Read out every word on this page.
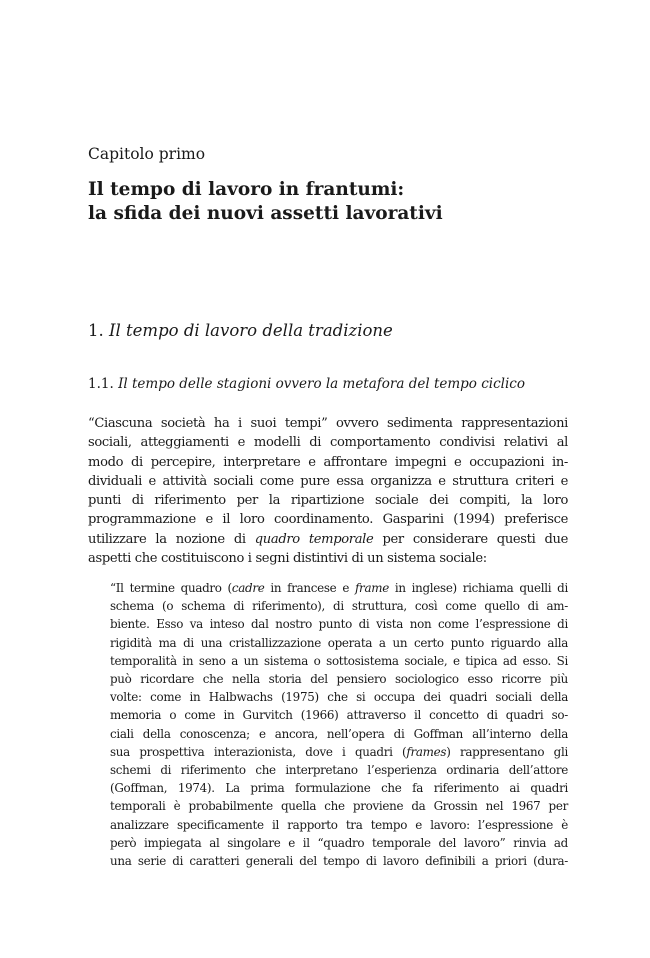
Capitolo primo
Il tempo di lavoro in frantumi:
la sfida dei nuovi assetti lavorativi
1. Il tempo di lavoro della tradizione
1.1. Il tempo delle stagioni ovvero la metafora del tempo ciclico
“Ciascuna società ha i suoi tempi” ovvero sedimenta rappresentazioni
sociali, atteggiamenti e modelli di comportamento condivisi relativi al
modo di percepire, interpretare e affrontare impegni e occupazioni in-
dividuali e attività sociali come pure essa organizza e struttura criteri e
punti di riferimento per la ripartizione sociale dei compiti, la loro
programmazione e il loro coordinamento. Gasparini (1994) preferisce
utilizzare la nozione di quadro temporale per considerare questi due
aspetti che costituiscono i segni distintivi di un sistema sociale:
“Il termine quadro (cadre in francese e frame in inglese) richiama quelli di
schema (o schema di riferimento), di struttura, così come quello di am-
biente. Esso va inteso dal nostro punto di vista non come l’espressione di
rigidità ma di una cristallizzazione operata a un certo punto riguardo alla
temporalità in seno a un sistema o sottosistema sociale, e tipica ad esso. Si
può ricordare che nella storia del pensiero sociologico esso ricorre più
volte: come in Halbwachs (1975) che si occupa dei quadri sociali della
memoria o come in Gurvitch (1966) attraverso il concetto di quadri so-
ciali della conoscenza; e ancora, nell’opera di Goffman all’interno della
sua prospettiva interazionista, dove i quadri (frames) rappresentano gli
schemi di riferimento che interpretano l’esperienza ordinaria dell’attore
(Goffman, 1974). La prima formulazione che fa riferimento ai quadri
temporali è probabilmente quella che proviene da Grossin nel 1967 per
analizzare specificamente il rapporto tra tempo e lavoro: l’espressione è
però impiegata al singolare e il “quadro temporale del lavoro” rinvia ad
una serie di caratteri generali del tempo di lavoro definibili a priori (dura-
